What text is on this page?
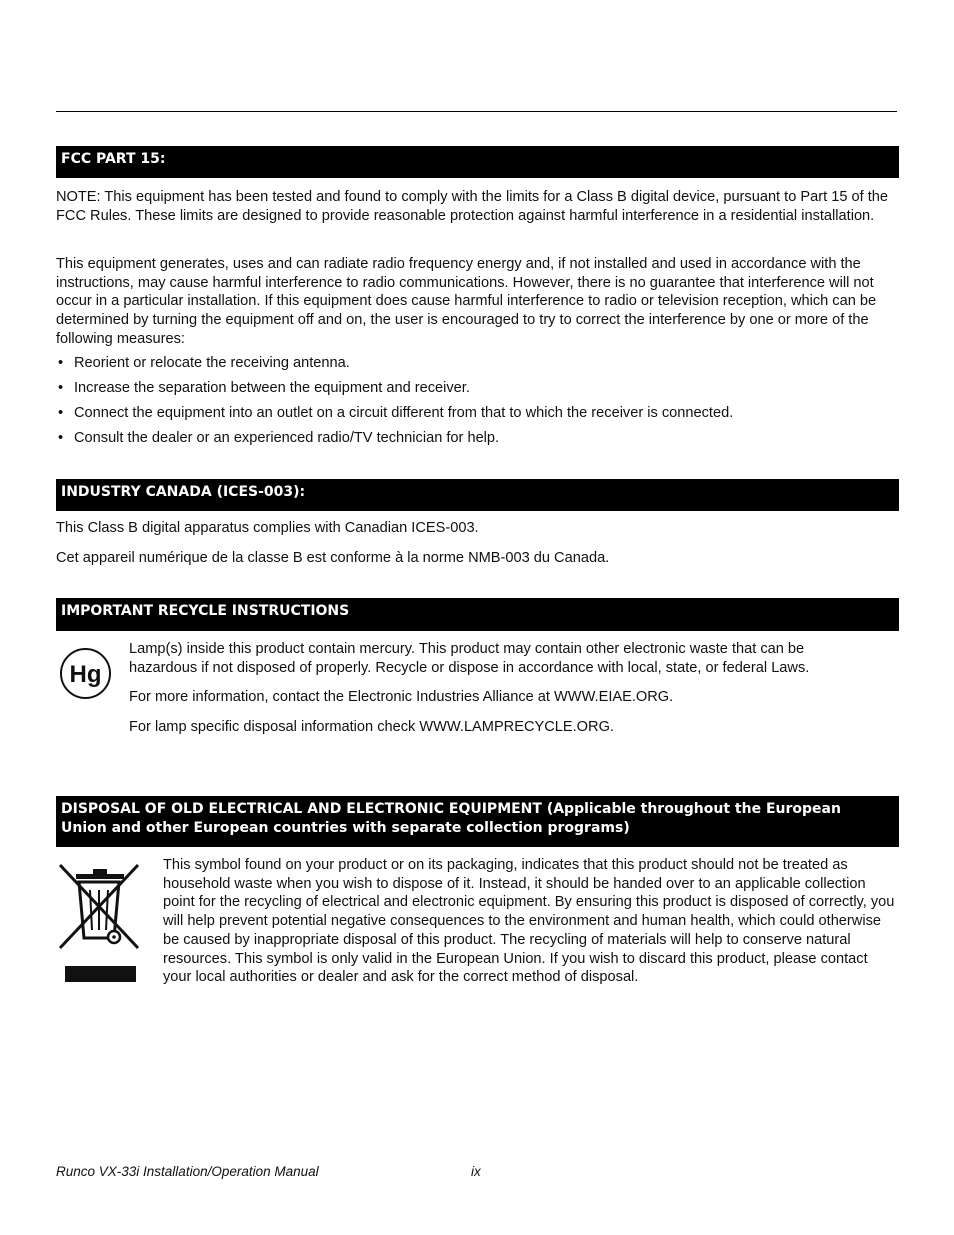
FCC PART 15:

NOTE: This equipment has been tested and found to comply with the limits for a Class B digital device, pursuant to Part 15 of the FCC Rules. These limits are designed to provide reasonable protection against harmful interference in a residential installation.

This equipment generates, uses and can radiate radio frequency energy and, if not installed and used in accordance with the instructions, may cause harmful interference to radio communications. However, there is no guarantee that interference will not occur in a particular installation. If this equipment does cause harmful interference to radio or television reception, which can be determined by turning the equipment off and on, the user is encouraged to try to correct the interference by one or more of the following measures:

• Reorient or relocate the receiving antenna.
• Increase the separation between the equipment and receiver.
• Connect the equipment into an outlet on a circuit different from that to which the receiver is connected.
• Consult the dealer or an experienced radio/TV technician for help.
INDUSTRY CANADA (ICES-003):

This Class B digital apparatus complies with Canadian ICES-003.

Cet appareil numérique de la classe B est conforme à la norme NMB-003 du Canada.

IMPORTANT RECYCLE INSTRUCTIONS
Hg

Lamp(s) inside this product contain mercury. This product may contain other electronic waste that can be hazardous if not disposed of properly. Recycle or dispose in accordance with local, state, or federal Laws.

For more information, contact the Electronic Industries Alliance at WWW.EIAE.ORG.

For lamp specific disposal information check WWW.LAMPRECYCLE.ORG.

DISPOSAL OF OLD ELECTRICAL AND ELECTRONIC EQUIPMENT (Applicable throughout the European
Union and other European countries with separate collection programs)

This symbol found on your product or on its packaging, indicates that this product should not be treated as household waste when you wish to dispose of it. Instead, it should be handed over to an applicable collection point for the recycling of electrical and electronic equipment. By ensuring this product is disposed of correctly, you will help prevent potential negative consequences to the environment and human health, which could otherwise be caused by inappropriate disposal of this product. The recycling of materials will help to conserve natural resources. This symbol is only valid in the European Union. If you wish to discard this product, please contact your local authorities or dealer and ask for the correct method of disposal.

Runco VX-33i Installation/Operation Manual	ix
